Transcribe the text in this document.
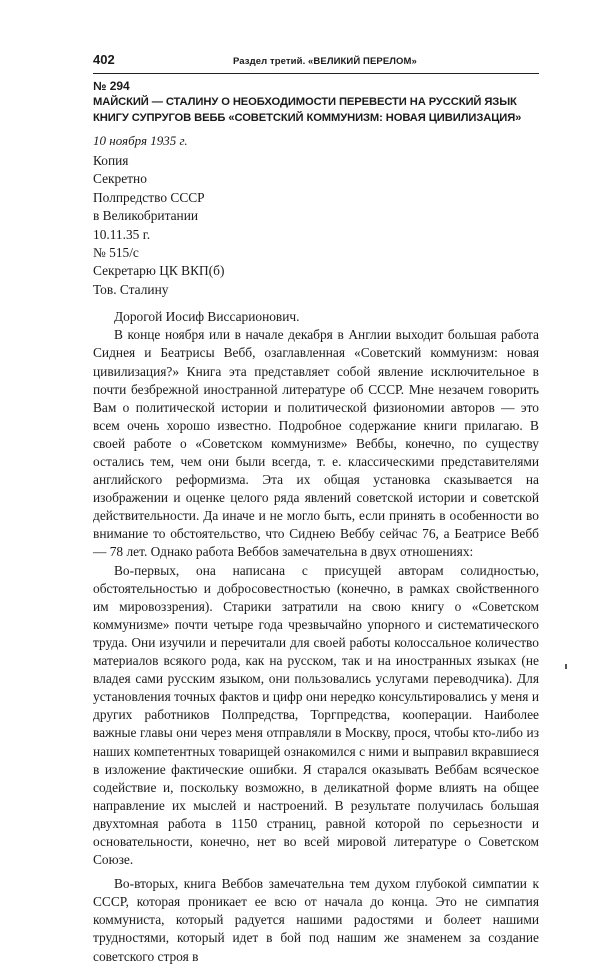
402	Раздел третий. «ВЕЛИКИЙ ПЕРЕЛОМ»
№ 294
МАЙСКИЙ — СТАЛИНУ О НЕОБХОДИМОСТИ ПЕРЕВЕСТИ НА РУССКИЙ ЯЗЫК КНИГУ СУПРУГОВ ВЕББ «СОВЕТСКИЙ КОММУНИЗМ: НОВАЯ ЦИВИЛИЗАЦИЯ»
10 ноября 1935 г.
Копия
Секретно
Полпредство СССР
в Великобритании
10.11.35 г.
№ 515/с
Секретарю ЦК ВКП(б)
Тов. Сталину

Дорогой Иосиф Виссарионович.

В конце ноября или в начале декабря в Англии выходит большая работа Сиднея и Беатрисы Вебб, озаглавленная «Советский коммунизм: новая цивилизация?» Книга эта представляет собой явление исключительное в почти безбрежной иностранной литературе об СССР. Мне незачем говорить Вам о политической истории и политической физиономии авторов — это всем очень хорошо известно. Подробное содержание книги прилагаю. В своей работе о «Советском коммунизме» Веббы, конечно, по существу остались тем, чем они были всегда, т. е. классическими представителями английского реформизма. Эта их общая установка сказывается на изображении и оценке целого ряда явлений советской истории и советской действительности. Да иначе и не могло быть, если принять в особенности во внимание то обстоятельство, что Сиднею Веббу сейчас 76, а Беатрисе Вебб — 78 лет. Однако работа Веббов замечательна в двух отношениях:

Во-первых, она написана с присущей авторам солидностью, обстоятельностью и добросовестностью (конечно, в рамках свойственного им мировоззрения). Старики затратили на свою книгу о «Советском коммунизме» почти четыре года чрезвычайно упорного и систематического труда. Они изучили и перечитали для своей работы колоссальное количество материалов всякого рода, как на русском, так и на иностранных языках (не владея сами русским языком, они пользовались услугами переводчика). Для установления точных фактов и цифр они нередко консультировались у меня и других работников Полпредства, Торгпредства, кооперации. Наиболее важные главы они через меня отправляли в Москву, прося, чтобы кто-либо из наших компетентных товарищей ознакомился с ними и выправил вкравшиеся в изложение фактические ошибки. Я старался оказывать Веббам всяческое содействие и, поскольку возможно, в деликатной форме влиять на общее направление их мыслей и настроений. В результате получилась большая двухтомная работа в 1150 страниц, равной которой по серьезности и основательности, конечно, нет во всей мировой литературе о Советском Союзе.

Во-вторых, книга Веббов замечательна тем духом глубокой симпатии к СССР, которая проникает ее всю от начала до конца. Это не симпатия коммуниста, который радуется нашими радостями и болеет нашими трудностями, который идет в бой под нашим же знаменем за создание советского строя в
